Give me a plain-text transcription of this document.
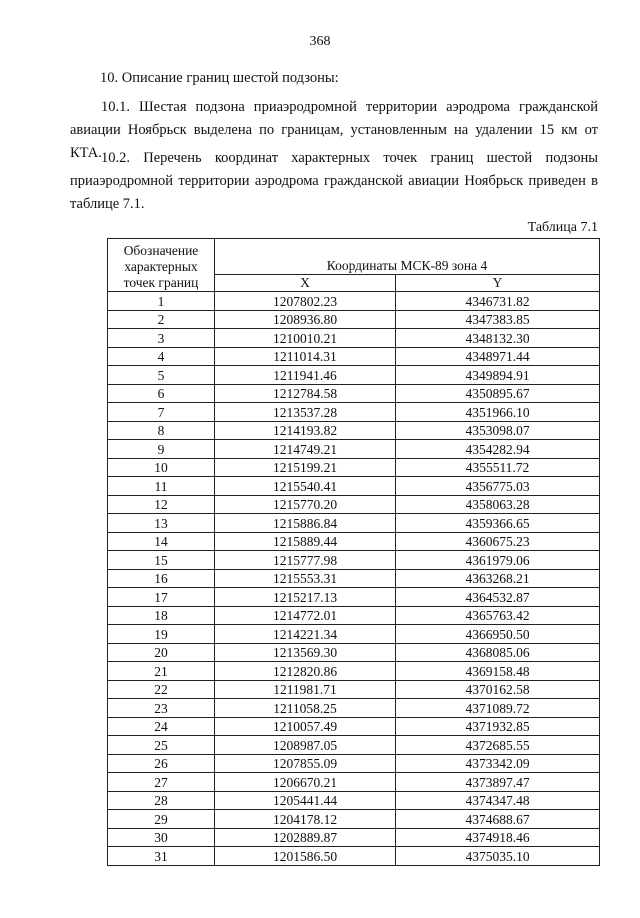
368
10. Описание границ шестой подзоны:
10.1. Шестая подзона приаэродромной территории аэродрома гражданской авиации Ноябрьск выделена по границам, установленным на удалении 15 км от КТА. 10.2. Перечень координат характерных точек границ шестой подзоны приаэродромной территории аэродрома гражданской авиации Ноябрьск приведен в таблице 7.1.
Таблица 7.1
Обозначение характерных точек границ	Координаты МСК-89 зона 4	
	X	Y
1	1207802.23	4346731.82
2	1208936.80	4347383.85
3	1210010.21	4348132.30
4	1211014.31	4348971.44
5	1211941.46	4349894.91
6	1212784.58	4350895.67
7	1213537.28	4351966.10
8	1214193.82	4353098.07
9	1214749.21	4354282.94
10	1215199.21	4355511.72
11	1215540.41	4356775.03
12	1215770.20	4358063.28
13	1215886.84	4359366.65
14	1215889.44	4360675.23
15	1215777.98	4361979.06
16	1215553.31	4363268.21
17	1215217.13	4364532.87
18	1214772.01	4365763.42
19	1214221.34	4366950.50
20	1213569.30	4368085.06
21	1212820.86	4369158.48
22	1211981.71	4370162.58
23	1211058.25	4371089.72
24	1210057.49	4371932.85
25	1208987.05	4372685.55
26	1207855.09	4373342.09
27	1206670.21	4373897.47
28	1205441.44	4374347.48
29	1204178.12	4374688.67
30	1202889.87	4374918.46
31	1201586.50	4375035.10
